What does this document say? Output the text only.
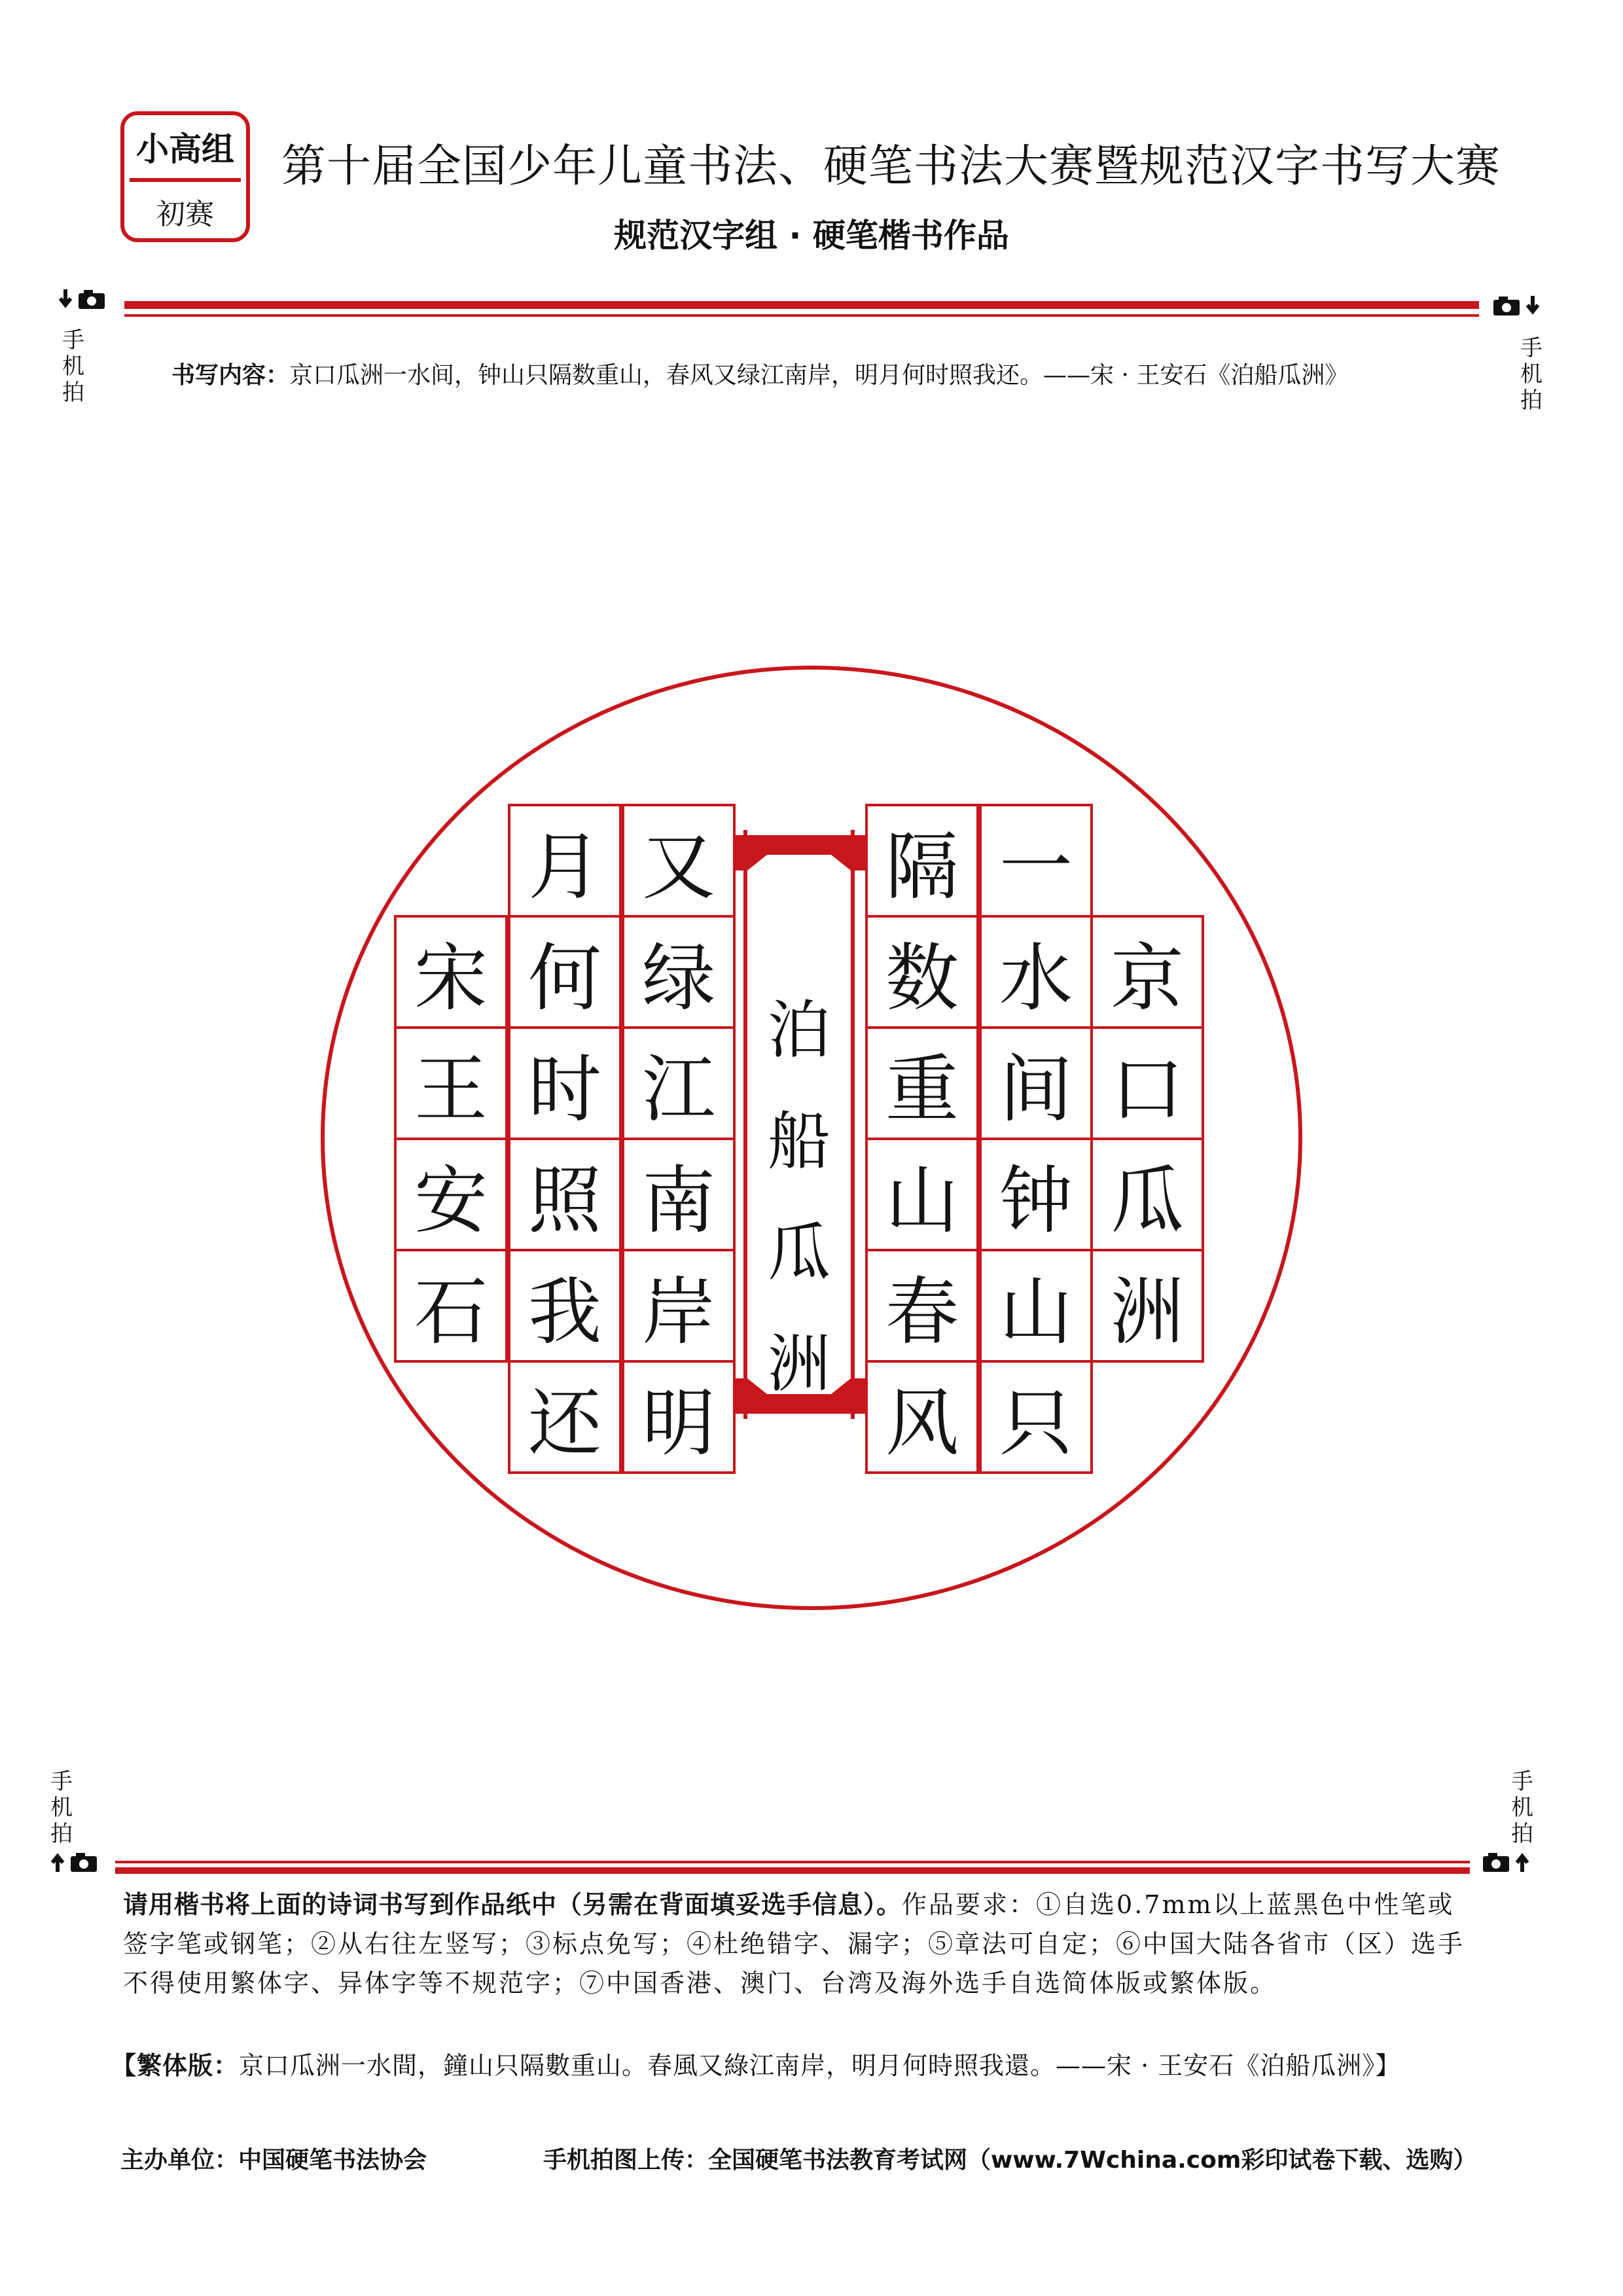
小高组
初赛
第十届全国少年儿童书法、硬笔书法大赛暨规范汉字书写大赛
规范汉字组 · 硬笔楷书作品
手机拍
手机拍
书写内容：京口瓜洲一水间，钟山只隔数重山，春风又绿江南岸，明月何时照我还。——宋 · 王安石《泊船瓜洲》
泊
船
瓜
洲
京
口
瓜
洲
一
水
间
钟
山
只
隔
数
重
山
春
风
又
绿
江
南
岸
明
月
何
时
照
我
还
宋
王
安
石
手机拍
手机拍
请用楷书将上面的诗词书写到作品纸中（另需在背面填妥选手信息）。作品要求：①自选0.7mm以上蓝黑色中性笔或签字笔或钢笔；②从右往左竖写；③标点免写；④杜绝错字、漏字；⑤章法可自定；⑥中国大陆各省市（区）选手不得使用繁体字、异体字等不规范字；⑦中国香港、澳门、台湾及海外选手自选简体版或繁体版。
【繁体版：京口瓜洲一水間，鐘山只隔數重山。春風又綠江南岸，明月何時照我還。——宋 · 王安石《泊船瓜洲》】
主办单位：中国硬笔书法协会	手机拍图上传：全国硬笔书法教育考试网（www.7Wchina.com彩印试卷下载、选购）
